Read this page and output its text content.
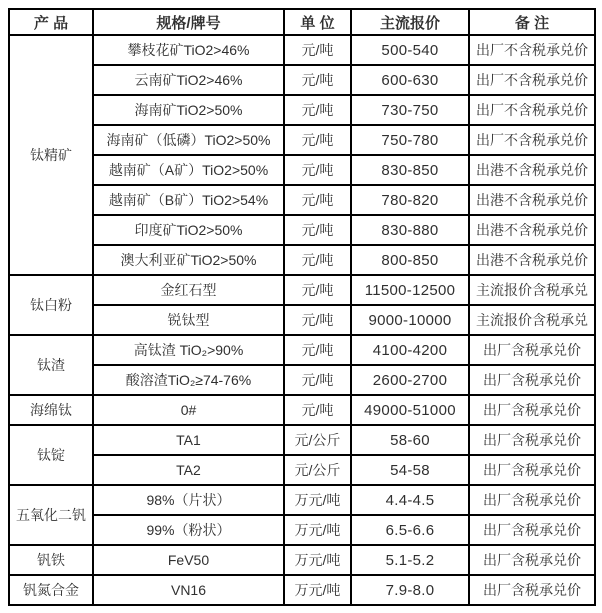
产 品	规格/牌号	单 位	主流报价	备 注
钛精矿	攀枝花矿TiO2>46%	元/吨	500-540	出厂不含税承兑价
	云南矿TiO2>46%	元/吨	600-630	出厂不含税承兑价
	海南矿TiO2>50%	元/吨	730-750	出厂不含税承兑价
	海南矿（低磷）TiO2>50%	元/吨	750-780	出厂不含税承兑价
	越南矿（A矿）TiO2>50%	元/吨	830-850	出港不含税承兑价
	越南矿（B矿）TiO2>54%	元/吨	780-820	出港不含税承兑价
	印度矿TiO2>50%	元/吨	830-880	出港不含税承兑价
	澳大利亚矿TiO2>50%	元/吨	800-850	出港不含税承兑价
钛白粉	金红石型	元/吨	11500-12500	主流报价含税承兑
	锐钛型	元/吨	9000-10000	主流报价含税承兑
钛渣	高钛渣 TiO₂>90%	元/吨	4100-4200	出厂含税承兑价
	酸溶渣TiO₂≥74-76%	元/吨	2600-2700	出厂含税承兑价
海绵钛	0#	元/吨	49000-51000	出厂含税承兑价
钛锭	TA1	元/公斤	58-60	出厂含税承兑价
	TA2	元/公斤	54-58	出厂含税承兑价
五氧化二钒	98%（片状）	万元/吨	4.4-4.5	出厂含税承兑价
	99%（粉状）	万元/吨	6.5-6.6	出厂含税承兑价
钒铁	FeV50	万元/吨	5.1-5.2	出厂含税承兑价
钒氮合金	VN16	万元/吨	7.9-8.0	出厂含税承兑价
